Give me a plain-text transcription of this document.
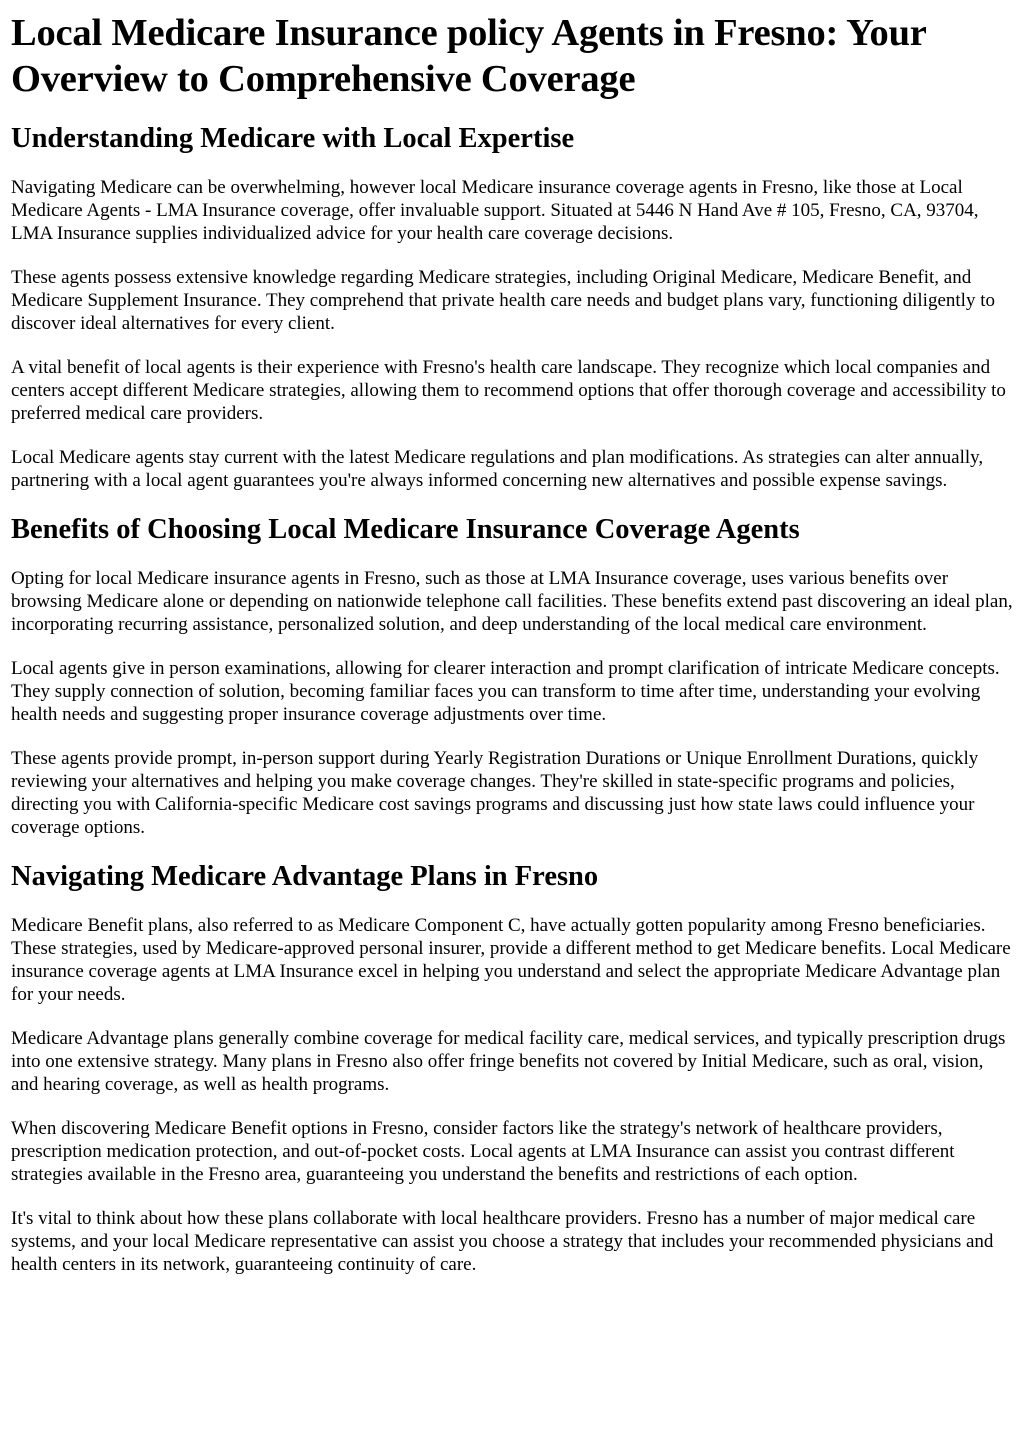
Local Medicare Insurance policy Agents in Fresno: Your Overview to Comprehensive Coverage
Understanding Medicare with Local Expertise

Navigating Medicare can be overwhelming, however local Medicare insurance coverage agents in Fresno, like those at Local Medicare Agents - LMA Insurance coverage, offer invaluable support. Situated at 5446 N Hand Ave # 105, Fresno, CA, 93704, LMA Insurance supplies individualized advice for your health care coverage decisions.

These agents possess extensive knowledge regarding Medicare strategies, including Original Medicare, Medicare Benefit, and Medicare Supplement Insurance. They comprehend that private health care needs and budget plans vary, functioning diligently to discover ideal alternatives for every client.

A vital benefit of local agents is their experience with Fresno's health care landscape. They recognize which local companies and centers accept different Medicare strategies, allowing them to recommend options that offer thorough coverage and accessibility to preferred medical care providers.

Local Medicare agents stay current with the latest Medicare regulations and plan modifications. As strategies can alter annually, partnering with a local agent guarantees you're always informed concerning new alternatives and possible expense savings.

Benefits of Choosing Local Medicare Insurance Coverage Agents

Opting for local Medicare insurance agents in Fresno, such as those at LMA Insurance coverage, uses various benefits over browsing Medicare alone or depending on nationwide telephone call facilities. These benefits extend past discovering an ideal plan, incorporating recurring assistance, personalized solution, and deep understanding of the local medical care environment.

Local agents give in person examinations, allowing for clearer interaction and prompt clarification of intricate Medicare concepts. They supply connection of solution, becoming familiar faces you can transform to time after time, understanding your evolving health needs and suggesting proper insurance coverage adjustments over time.

These agents provide prompt, in-person support during Yearly Registration Durations or Unique Enrollment Durations, quickly reviewing your alternatives and helping you make coverage changes. They're skilled in state-specific programs and policies, directing you with California-specific Medicare cost savings programs and discussing just how state laws could influence your coverage options.

Navigating Medicare Advantage Plans in Fresno

Medicare Benefit plans, also referred to as Medicare Component C, have actually gotten popularity among Fresno beneficiaries. These strategies, used by Medicare-approved personal insurer, provide a different method to get Medicare benefits. Local Medicare insurance coverage agents at LMA Insurance excel in helping you understand and select the appropriate Medicare Advantage plan for your needs.

Medicare Advantage plans generally combine coverage for medical facility care, medical services, and typically prescription drugs into one extensive strategy. Many plans in Fresno also offer fringe benefits not covered by Initial Medicare, such as oral, vision, and hearing coverage, as well as health programs.

When discovering Medicare Benefit options in Fresno, consider factors like the strategy's network of healthcare providers, prescription medication protection, and out-of-pocket costs. Local agents at LMA Insurance can assist you contrast different strategies available in the Fresno area, guaranteeing you understand the benefits and restrictions of each option.

It's vital to think about how these plans collaborate with local healthcare providers. Fresno has a number of major medical care systems, and your local Medicare representative can assist you choose a strategy that includes your recommended physicians and health centers in its network, guaranteeing continuity of care.
